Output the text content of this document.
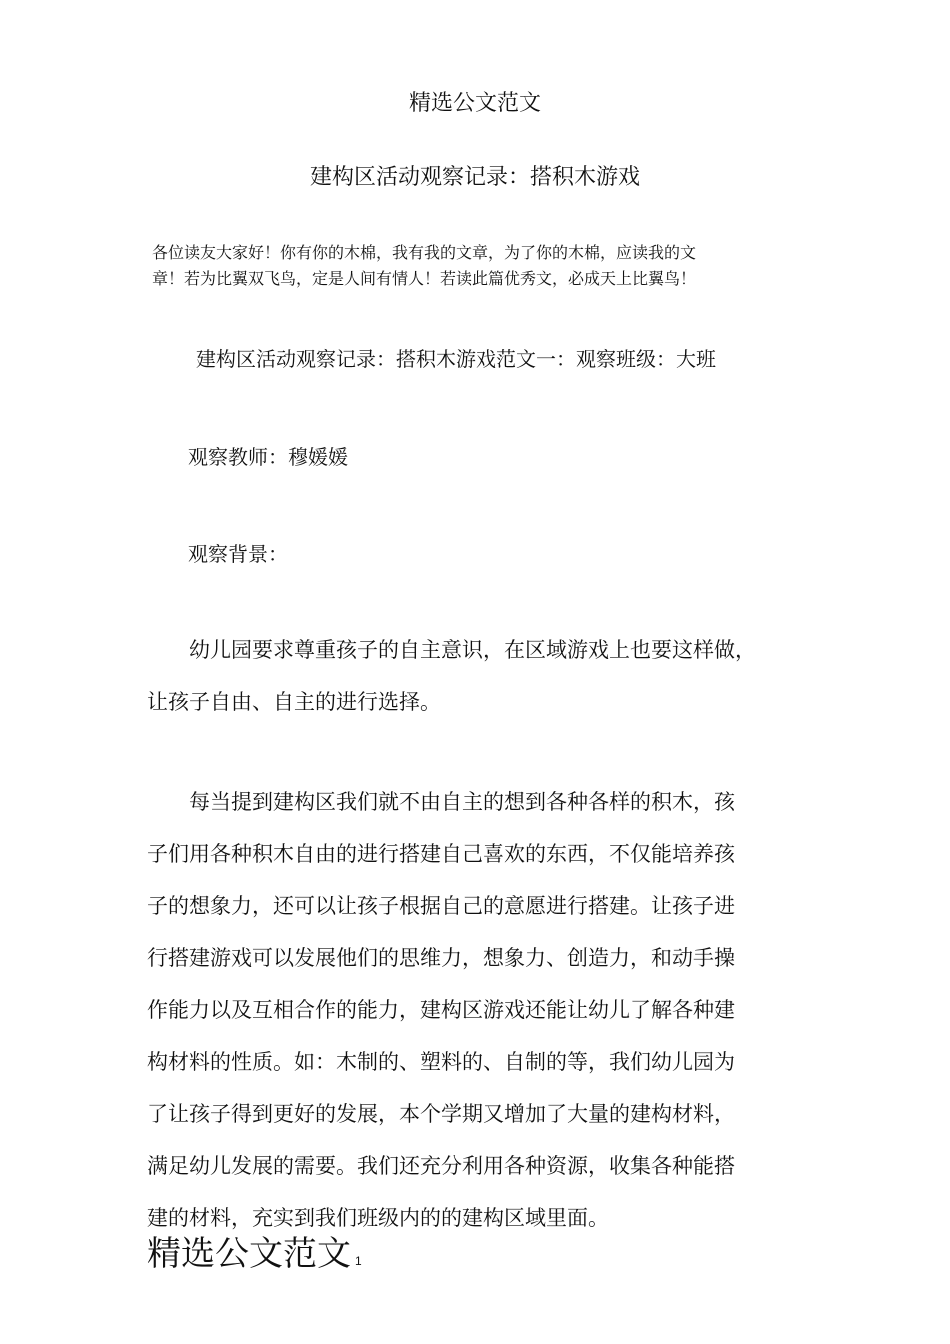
精选公文范文
建构区活动观察记录：搭积木游戏
各位读友大家好！你有你的木棉，我有我的文章，为了你的木棉，应读我的文
章！若为比翼双飞鸟，定是人间有情人！若读此篇优秀文，必成天上比翼鸟！
建构区活动观察记录：搭积木游戏范文一：观察班级：大班
观察教师：穆媛媛
观察背景：
幼儿园要求尊重孩子的自主意识，在区域游戏上也要这样做，
让孩子自由、自主的进行选择。
每当提到建构区我们就不由自主的想到各种各样的积木，孩
子们用各种积木自由的进行搭建自己喜欢的东西，不仅能培养孩
子的想象力，还可以让孩子根据自己的意愿进行搭建。让孩子进
行搭建游戏可以发展他们的思维力，想象力、创造力，和动手操
作能力以及互相合作的能力，建构区游戏还能让幼儿了解各种建
构材料的性质。如：木制的、塑料的、自制的等，我们幼儿园为
了让孩子得到更好的发展，本个学期又增加了大量的建构材料，
满足幼儿发展的需要。我们还充分利用各种资源，收集各种能搭
建的材料，充实到我们班级内的的建构区域里面。
精选公文范文 1
